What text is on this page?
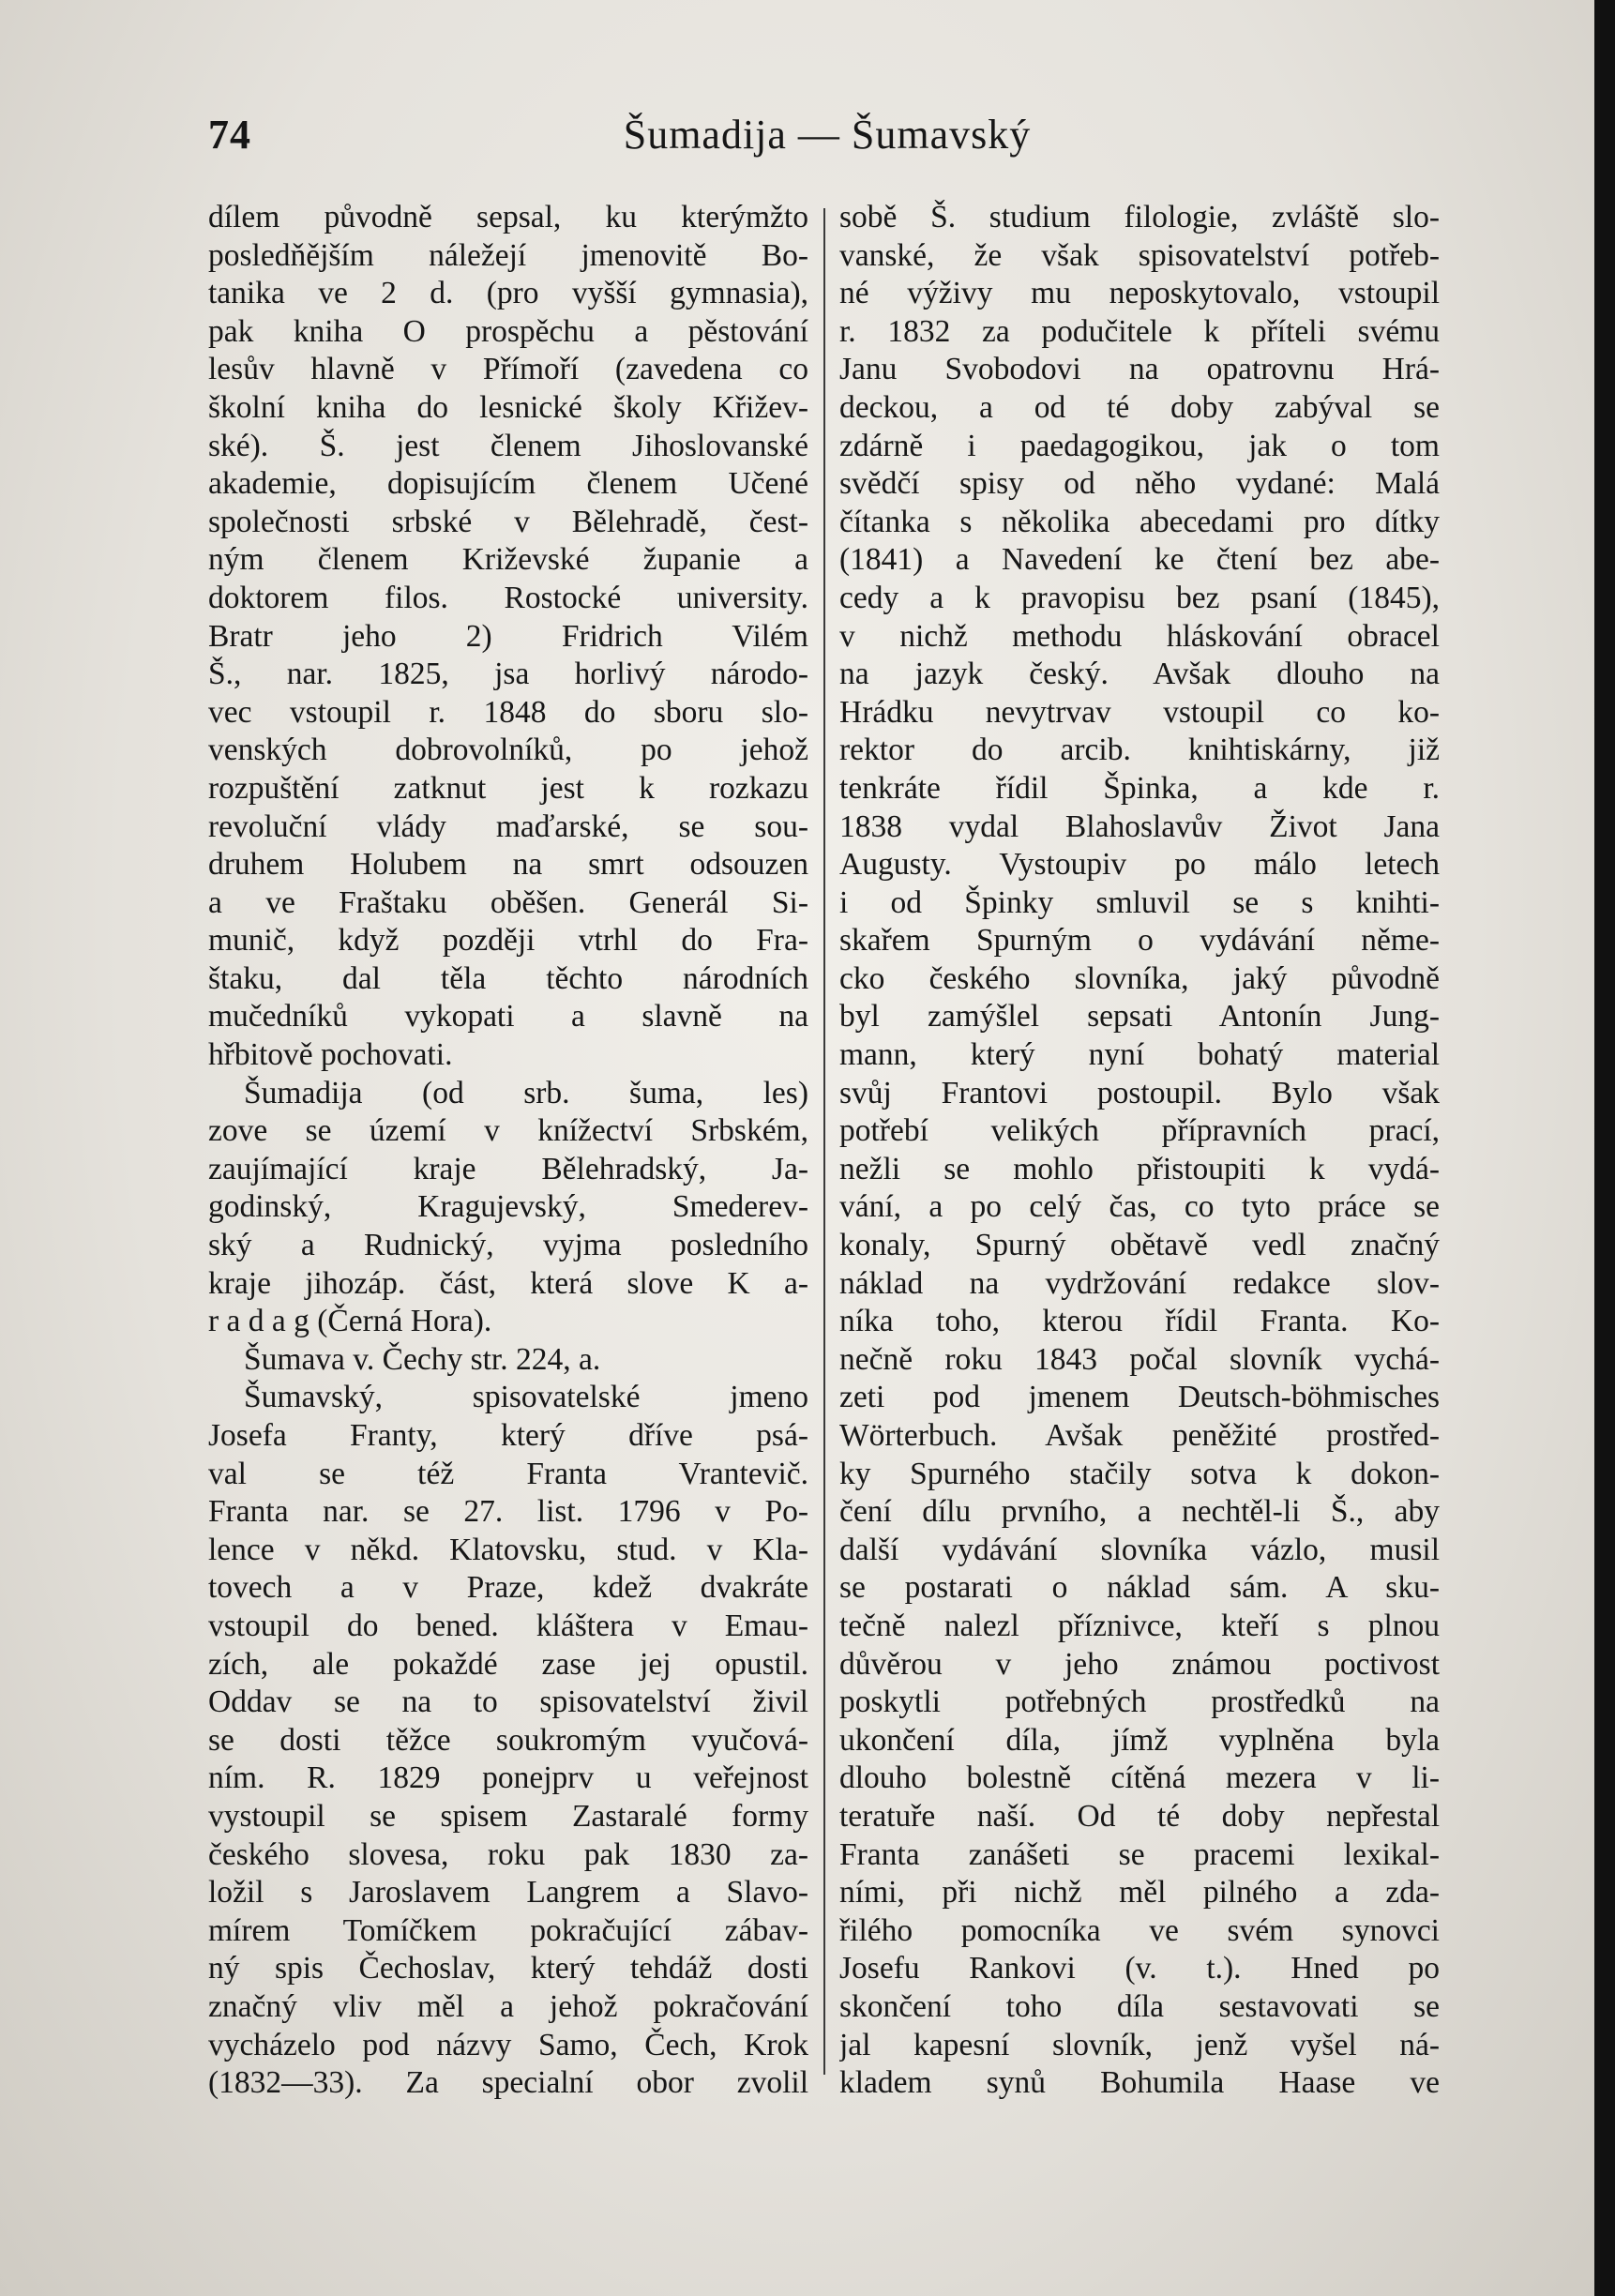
74	Šumadija — Šumavský
dílem původně sepsal, ku kterýmžto
posledňějším náležejí jmenovitě Bo-
tanika ve 2 d. (pro vyšší gymnasia),
pak kniha O prospěchu a pěstování
lesův hlavně v Přímoří (zavedena co
školní kniha do lesnické školy Křižev-
ské). Š. jest členem Jihoslovanské
akademie, dopisujícím členem Učené
společnosti srbské v Bělehradě, čest-
ným členem Križevské županie a
doktorem filos. Rostocké university.
Bratr jeho 2) Fridrich Vilém
Š., nar. 1825, jsa horlivý národo-
vec vstoupil r. 1848 do sboru slo-
venských dobrovolníků, po jehož
rozpuštění zatknut jest k rozkazu
revoluční vlády maďarské, se sou-
druhem Holubem na smrt odsouzen
a ve Fraštaku oběšen. Generál Si-
munič, když později vtrhl do Fra-
štaku, dal těla těchto národních
mučedníků vykopati a slavně na
hřbitově pochovati.
Šumadija (od srb. šuma, les)
zove se území v knížectví Srbském,
zaujímající kraje Bělehradský, Ja-
godinský, Kragujevský, Smederev-
ský a Rudnický, vyjma posledního
kraje jihozáp. část, která slove K a-
r a d a g (Černá Hora).
Šumava v. Čechy str. 224, a.
Šumavský, spisovatelské jmeno
Josefa Franty, který dříve psá-
val se též Franta Vrantevič.
Franta nar. se 27. list. 1796 v Po-
lence v někd. Klatovsku, stud. v Kla-
tovech a v Praze, kdež dvakráte
vstoupil do bened. kláštera v Emau-
zích, ale pokaždé zase jej opustil.
Oddav se na to spisovatelství živil
se dosti těžce soukromým vyučová-
ním. R. 1829 ponejprv u veřejnost
vystoupil se spisem Zastaralé formy
českého slovesa, roku pak 1830 za-
ložil s Jaroslavem Langrem a Slavo-
mírem Tomíčkem pokračující zábav-
ný spis Čechoslav, který tehdáž dosti
značný vliv měl a jehož pokračování
vycházelo pod názvy Samo, Čech, Krok
(1832—33). Za specialní obor zvolil
sobě Š. studium filologie, zvláště slo-
vanské, že však spisovatelství potřeb-
né výživy mu neposkytovalo, vstoupil
r. 1832 za podučitele k příteli svému
Janu Svobodovi na opatrovnu Hrá-
deckou, a od té doby zabýval se
zdárně i paedagogikou, jak o tom
svědčí spisy od něho vydané: Malá
čítanka s několika abecedami pro dítky
(1841) a Navedení ke čtení bez abe-
cedy a k pravopisu bez psaní (1845),
v nichž methodu hláskování obracel
na jazyk český. Avšak dlouho na
Hrádku nevytrvav vstoupil co ko-
rektor do arcib. knihtiskárny, již
tenkráte řídil Špinka, a kde r.
1838 vydal Blahoslavův Život Jana
Augusty. Vystoupiv po málo letech
i od Špinky smluvil se s knihti-
skařem Spurným o vydávání něme-
cko českého slovníka, jaký původně
byl zamýšlel sepsati Antonín Jung-
mann, který nyní bohatý material
svůj Frantovi postoupil. Bylo však
potřebí velikých přípravních prací,
nežli se mohlo přistoupiti k vydá-
vání, a po celý čas, co tyto práce se
konaly, Spurný obětavě vedl značný
náklad na vydržování redakce slov-
níka toho, kterou řídil Franta. Ko-
nečně roku 1843 počal slovník vychá-
zeti pod jmenem Deutsch-böhmisches
Wörterbuch. Avšak peněžité prostřed-
ky Spurného stačily sotva k dokon-
čení dílu prvního, a nechtěl-li Š., aby
další vydávání slovníka vázlo, musil
se postarati o náklad sám. A sku-
tečně nalezl příznivce, kteří s plnou
důvěrou v jeho známou poctivost
poskytli potřebných prostředků na
ukončení díla, jímž vyplněna byla
dlouho bolestně cítěná mezera v li-
teratuře naší. Od té doby nepřestal
Franta zanášeti se pracemi lexikal-
ními, při nichž měl pilného a zda-
řilého pomocníka ve svém synovci
Josefu Rankovi (v. t.). Hned po
skončení toho díla sestavovati se
jal kapesní slovník, jenž vyšel ná-
kladem synů Bohumila Haase ve
